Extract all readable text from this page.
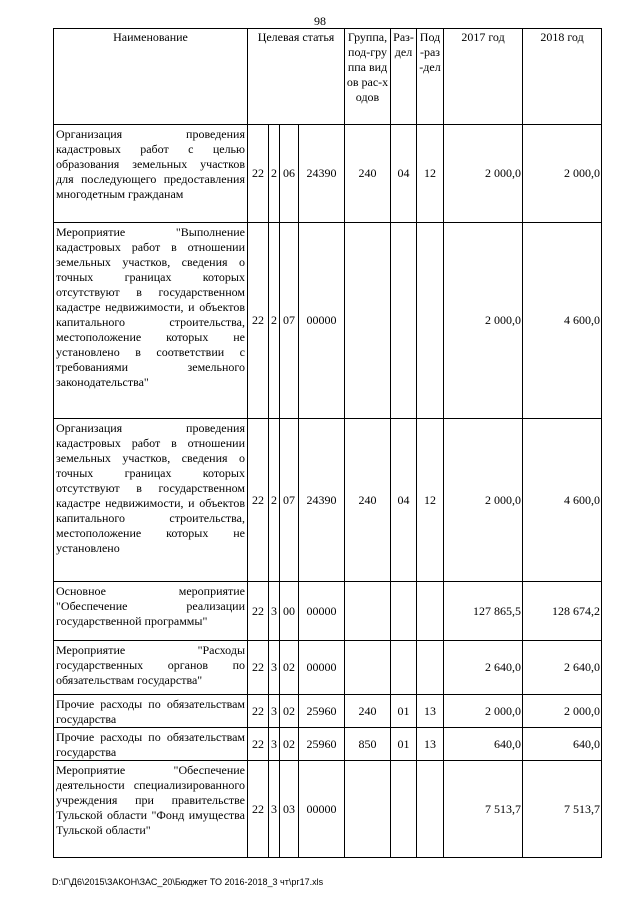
98
Наименование	Целевая статья				Группа, под-группа видов рас-ходов	Раз-дел	Под-раз-дел	2017 год	2018 год
Организация проведения кадастровых работ с целью образования земельных участков для последующего предоставления многодетным гражданам	22	2	06	24390	240	04	12	2 000,0	2 000,0
Мероприятие "Выполнение кадастровых работ в отношении земельных участков, сведения о точных границах которых отсутствуют в государственном кадастре недвижимости, и объектов капитального строительства, местоположение которых не установлено в соответствии с требованиями земельного законодательства"	22	2	07	00000				2 000,0	4 600,0
Организация проведения кадастровых работ в отношении земельных участков, сведения о точных границах которых отсутствуют в государственном кадастре недвижимости, и объектов капитального строительства, местоположение которых не установлено	22	2	07	24390	240	04	12	2 000,0	4 600,0
Основное мероприятие "Обеспечение реализации государственной программы"	22	3	00	00000				127 865,5	128 674,2
Мероприятие "Расходы государственных органов по обязательствам государства"	22	3	02	00000				2 640,0	2 640,0
Прочие расходы по обязательствам государства	22	3	02	25960	240	01	13	2 000,0	2 000,0
Прочие расходы по обязательствам государства	22	3	02	25960	850	01	13	640,0	640,0
Мероприятие "Обеспечение деятельности специализированного учреждения при правительстве Тульской области "Фонд имущества Тульской области"	22	3	03	00000				7 513,7	7 513,7
D:\Г\Д6\2015\ЗАКОН\ЗАС_20\Бюджет ТО 2016-2018_3 чт\рг17.xls
